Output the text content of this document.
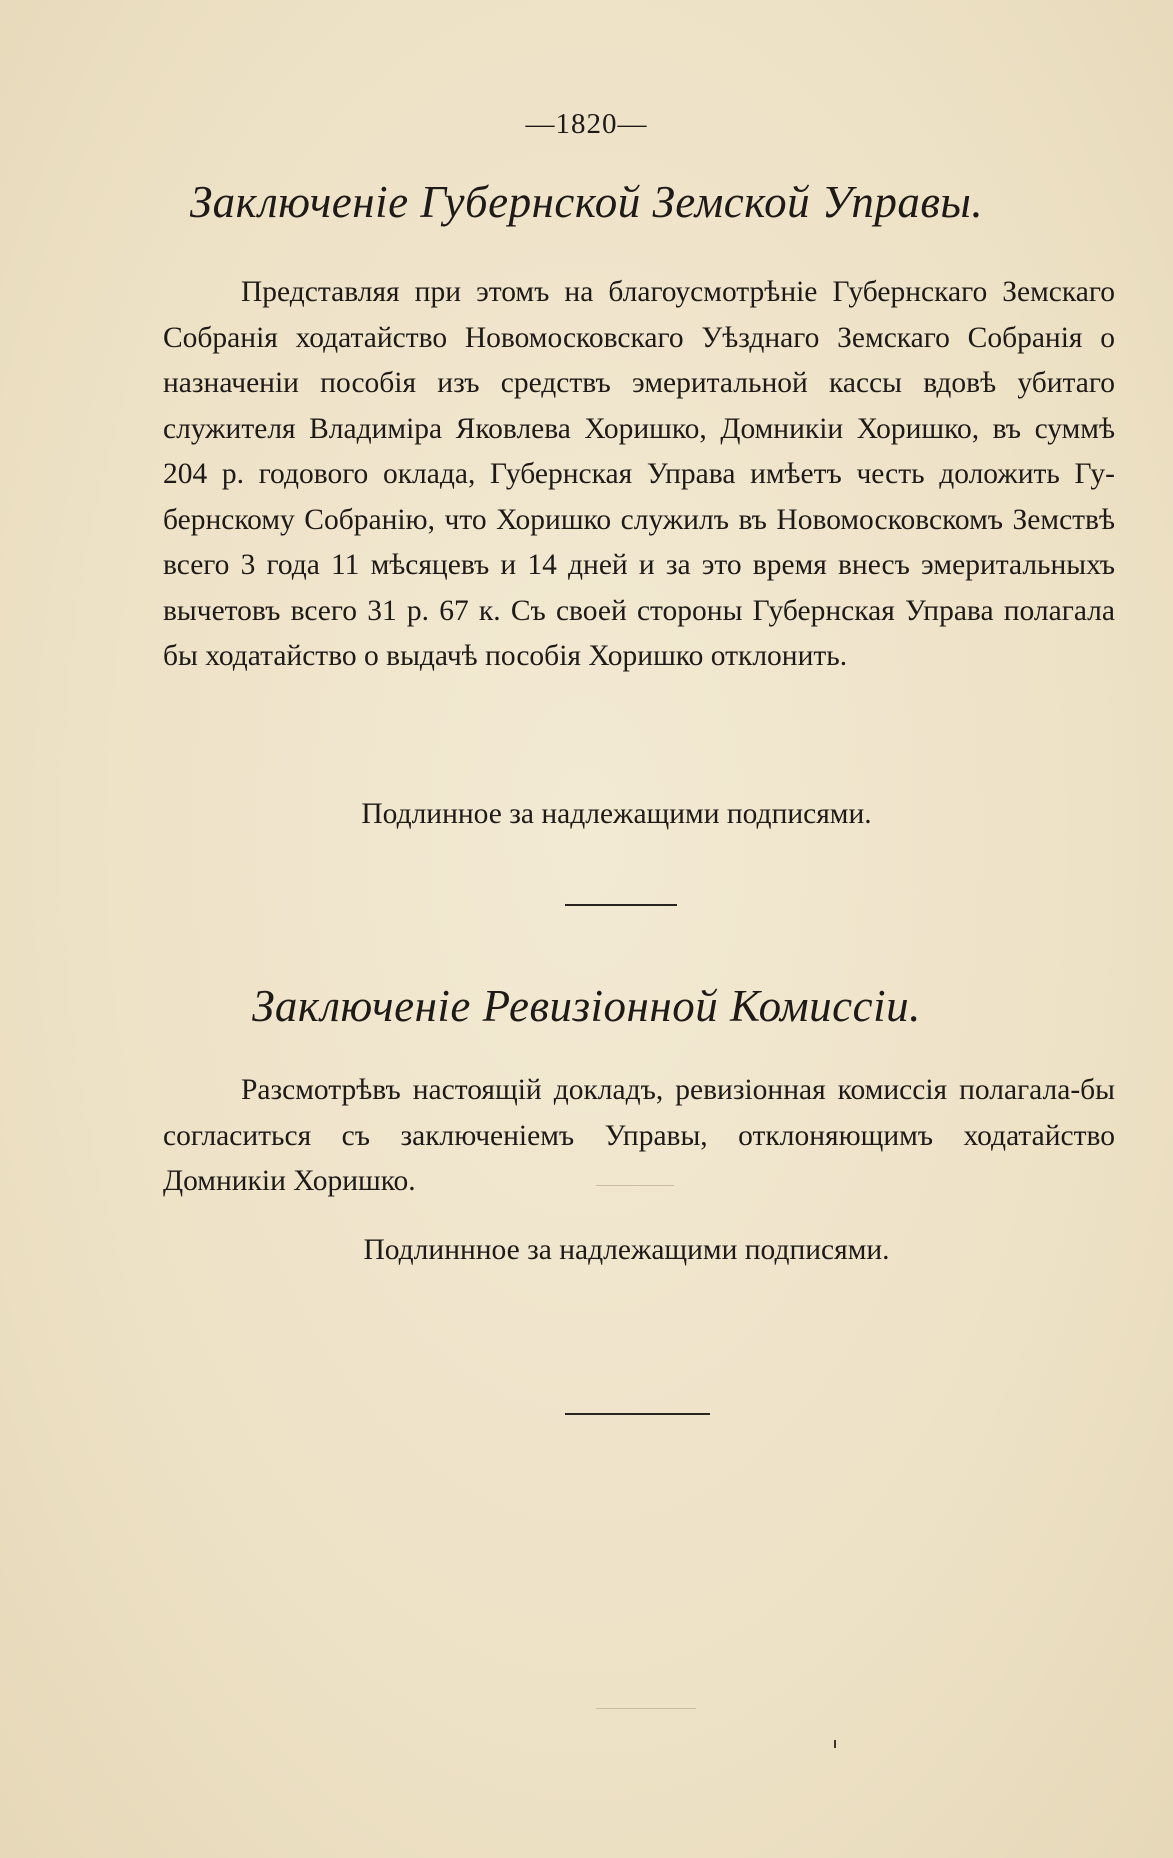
—1820—
Заключенiе Губернской Земской Управы.

Представляя при этомъ на благоусмотрѣнiе Губернскаго Земскаго Собранiя ходатайство Новомосковскаго Уѣзднаго Земскаго Собранiя о назначенiи пособiя изъ средствъ эмеритальной кассы вдовѣ убитаго служителя Владимiра Яковлева Хоришко, Домникiи Хоришко, въ суммѣ 204 р. годового оклада, Губернская Управа имѣетъ честь доложить Губернскому Собранiю, что Хоришко служилъ въ Новомосковскомъ Земствѣ всего 3 года 11 мѣсяцевъ и 14 дней и за это время внесъ эмеритальныхъ вычетовъ всего 31 р. 67 к. Съ своей стороны Губернская Управа полагала бы ходатайство о выдачѣ пособiя Хоришко отклонить.

Подлинное за надлежащими подписями.
Заключенiе Ревизiонной Комиссiи.

Разсмотрѣвъ настоящiй докладъ, ревизiонная комиссiя полагала-бы согласиться съ заключенiемъ Управы, отклоняющимъ ходатайство Домникiи Хоришко.

Подлиннное за надлежащими подписями.
